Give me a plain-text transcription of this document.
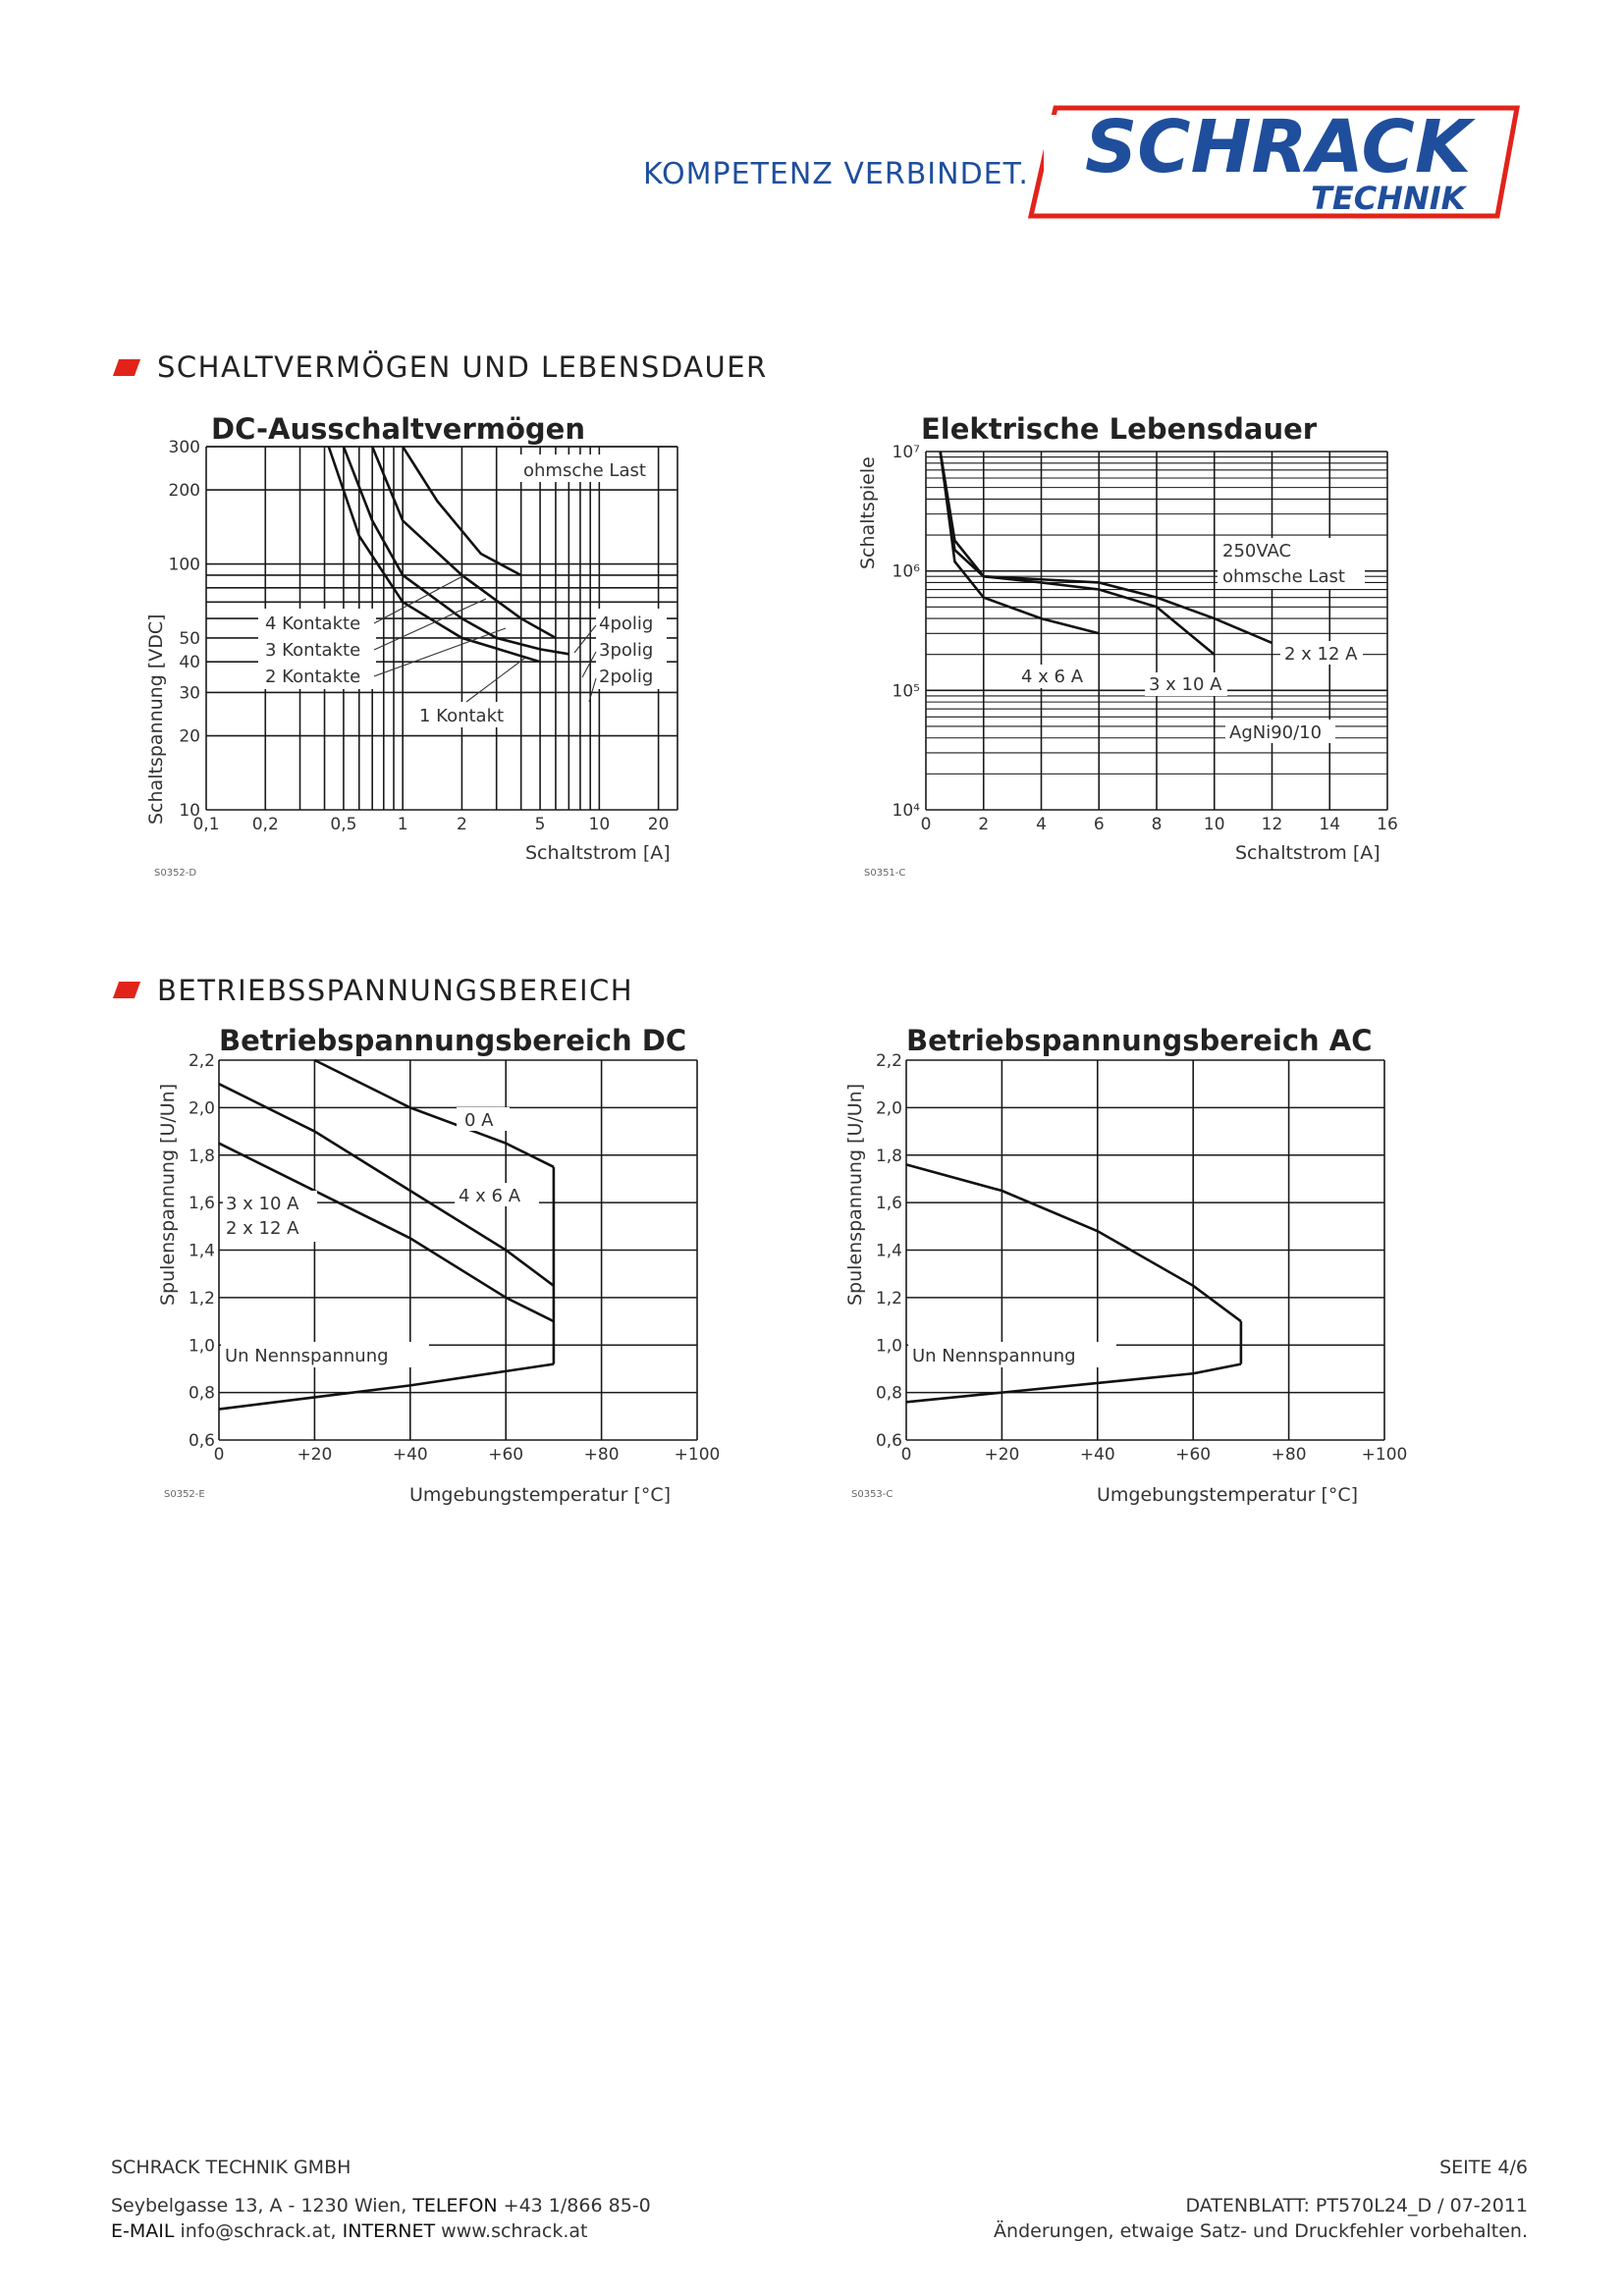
KOMPETENZ VERBINDET. SCHRACK
TECHNIK
SCHALTVERMÖGEN UND LEBENSDAUER
DC-Ausschaltvermögen
300
200
100
50
40
30
20
10
0,1 0,2	0,5 1	2	5	10 20
Schaltspannung [VDC]
Schaltstrom [A]
S0352-D
ohmsche Last
4 Kontakte
3 Kontakte
2 Kontakte
1 Kontakt
4polig
3polig
2polig
Elektrische Lebensdauer
10⁷
10⁶
10⁵
10⁴
0	2	4	6	8	10 12 14 16
Schaltspiele
Schaltstrom [A]
S0351-C
250VAC
ohmsche Last
2 x 12 A
4 x 6 A	3 x 10 A
AgNi90/10
BETRIEBSSPANNUNGSBEREICH
Betriebspannungsbereich DC
2,2
2,0
1,8
1,6
1,4
1,2
1,0
0,8
0,6
0	+20	+40	+60	+80	+100
Spulenspannung [U/Un]
Umgebungstemperatur [°C]
S0352-E
0 A
4 x 6 A
3 x 10 A
2 x 12 A
Un Nennspannung
Betriebspannungsbereich AC
2,2
2,0
1,8
1,6
1,4
1,2
1,0
0,8
0,6
0	+20	+40	+60	+80	+100
Spulenspannung [U/Un]
Umgebungstemperatur [°C]
S0353-C
Un Nennspannung
SCHRACK TECHNIK GMBH	SEITE 4/6
Seybelgasse 13, A - 1230 Wien, TELEFON +43 1/866 85-0
E-MAIL info@schrack.at, INTERNET www.schrack.at
DATENBLATT: PT570L24_D / 07-2011
Änderungen, etwaige Satz- und Druckfehler vorbehalten.
